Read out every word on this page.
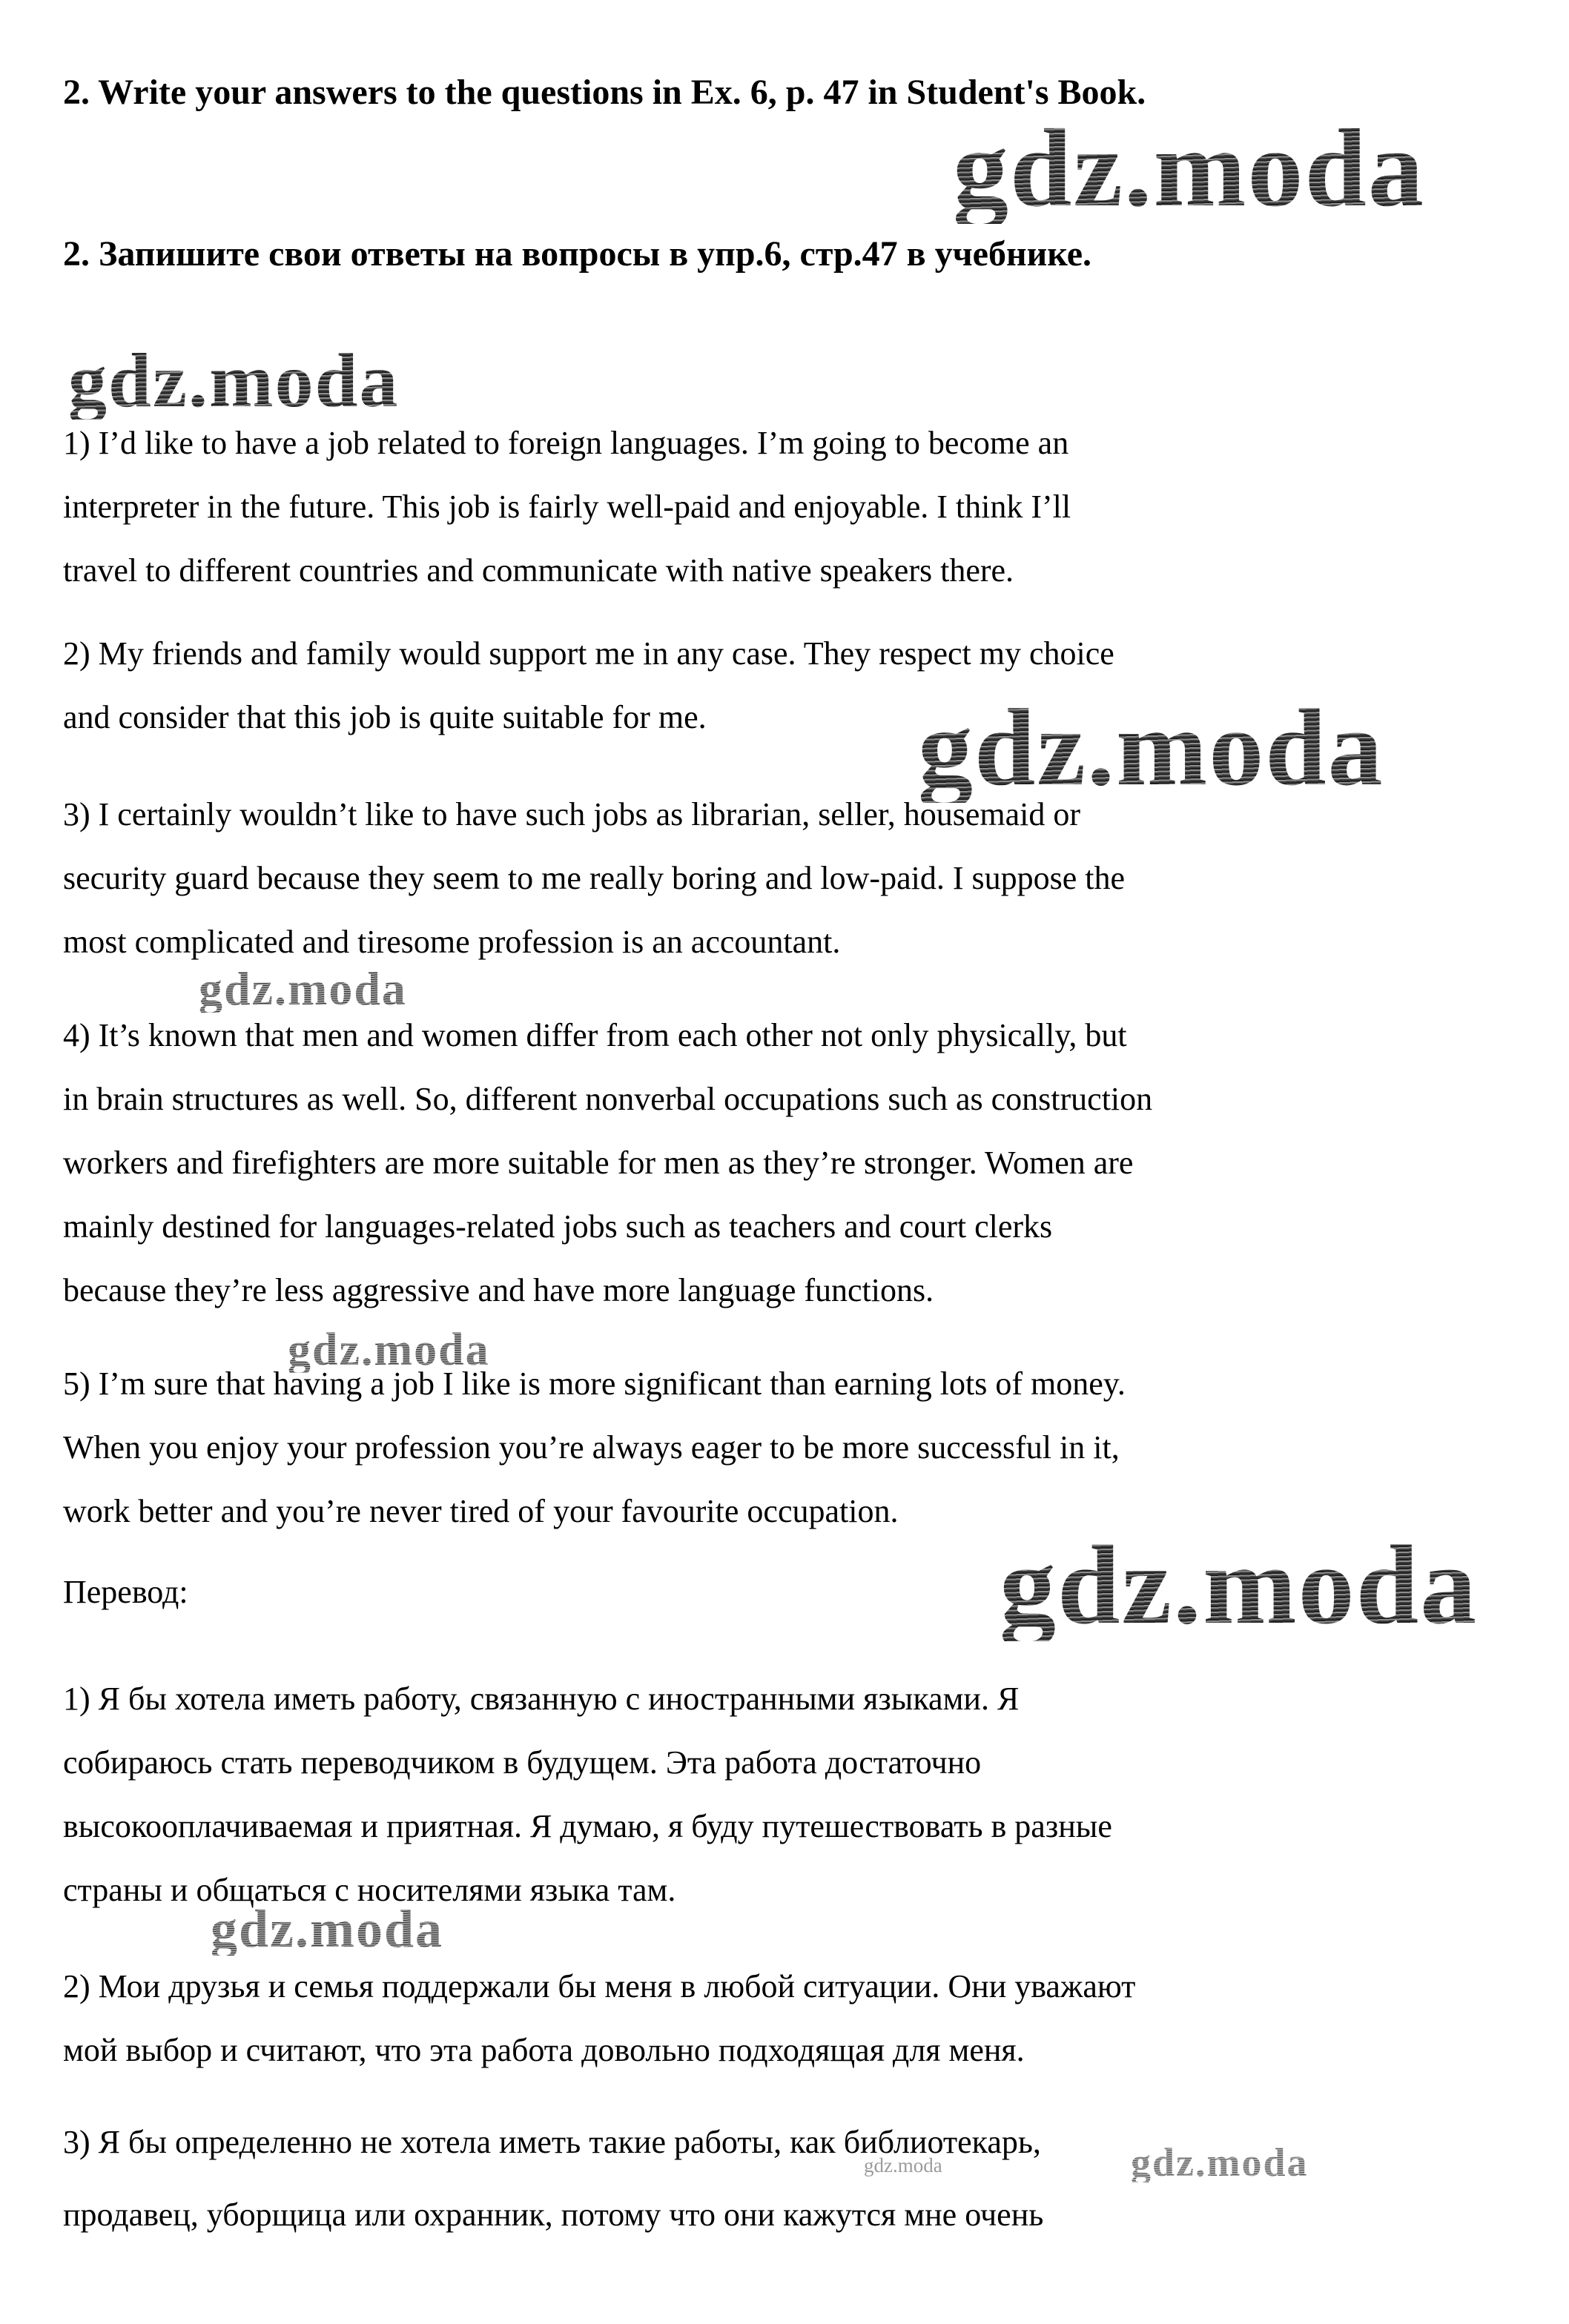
2. Write your answers to the questions in Ex. 6, p. 47 in Student's Book.
2. Запишите свои ответы на вопросы в упр.6, стр.47 в учебнике.
gdz.moda
gdz.moda
gdz.moda
gdz.moda
gdz.moda
gdz.moda
gdz.moda
gdz.moda	gdz.moda
1) I’d like to have a job related to foreign languages. I’m going to become an
interpreter in the future. This job is fairly well-paid and enjoyable. I think I’ll
travel to different countries and communicate with native speakers there.
2) My friends and family would support me in any case. They respect my choice
and consider that this job is quite suitable for me.
3) I certainly wouldn’t like to have such jobs as librarian, seller, housemaid or
security guard because they seem to me really boring and low-paid. I suppose the
most complicated and tiresome profession is an accountant.
4) It’s known that men and women differ from each other not only physically, but
in brain structures as well. So, different nonverbal occupations such as construction
workers and firefighters are more suitable for men as they’re stronger. Women are
mainly destined for languages-related jobs such as teachers and court clerks
because they’re less aggressive and have more language functions.
5) I’m sure that having a job I like is more significant than earning lots of money.
When you enjoy your profession you’re always eager to be more successful in it,
work better and you’re never tired of your favourite occupation.
Перевод:
1) Я бы хотела иметь работу, связанную с иностранными языками. Я
собираюсь стать переводчиком в будущем. Эта работа достаточно
высокооплачиваемая и приятная. Я думаю, я буду путешествовать в разные
страны и общаться с носителями языка там.
2) Мои друзья и семья поддержали бы меня в любой ситуации. Они уважают
мой выбор и считают, что эта работа довольно подходящая для меня.
3) Я бы определенно не хотела иметь такие работы, как библиотекарь,
продавец, уборщица или охранник, потому что они кажутся мне очень
